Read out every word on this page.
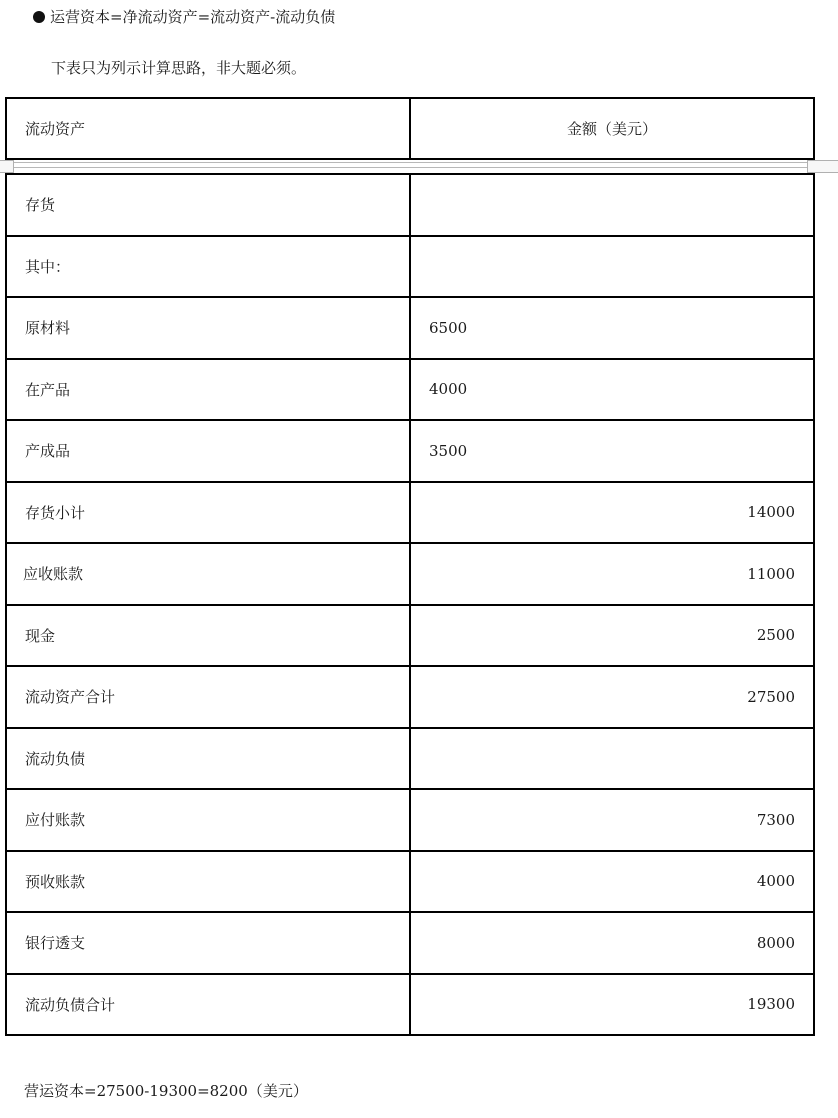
运营资本=净流动资产=流动资产-流动负债
下表只为列示计算思路，非大题必须。
流动资产	金额（美元）
存货	
其中：	
原材料	6500
在产品	4000
产成品	3500
存货小计	14000
应收账款	11000
现金	2500
流动资产合计	27500
流动负债	
应付账款	7300
预收账款	4000
银行透支	8000
流动负债合计	19300
营运资本=27500-19300=8200（美元）
